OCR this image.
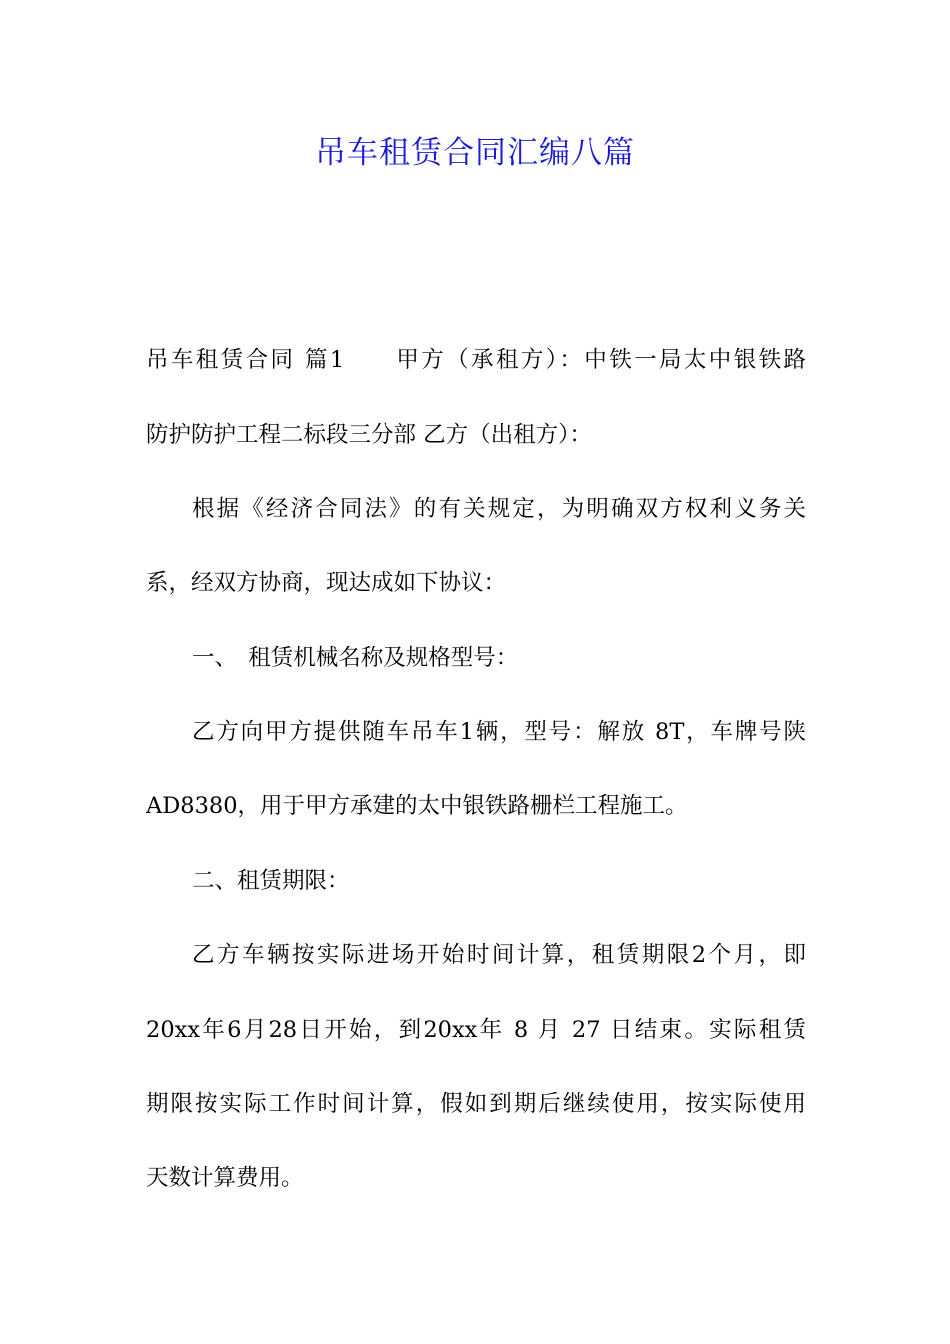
吊车租赁合同汇编八篇
吊车租赁合同 篇1　　甲方（承租方）：中铁一局太中银铁路
防护防护工程二标段三分部 乙方（出租方）：
根据《经济合同法》的有关规定，为明确双方权利义务关
系，经双方协商，现达成如下协议：
一、　租赁机械名称及规格型号：
乙方向甲方提供随车吊车1辆，型号：解放 8T，车牌号陕
AD8380，用于甲方承建的太中银铁路栅栏工程施工。
二、租赁期限：
乙方车辆按实际进场开始时间计算，租赁期限2个月，即
20xx年6月28日开始，到20xx年 8 月 27 日结束。实际租赁
期限按实际工作时间计算，假如到期后继续使用，按实际使用
天数计算费用。
